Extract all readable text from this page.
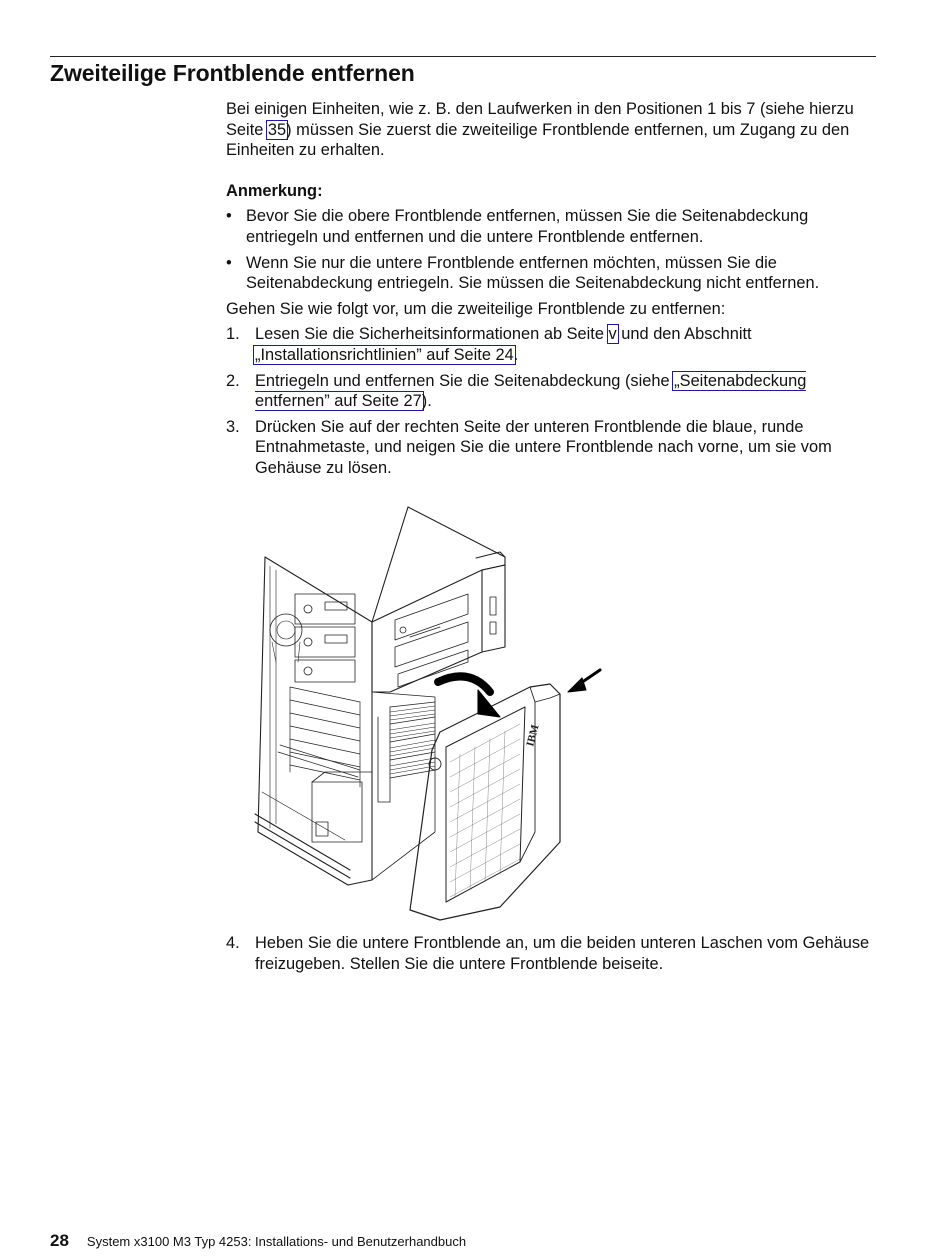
Zweiteilige Frontblende entfernen

Bei einigen Einheiten, wie z. B. den Laufwerken in den Positionen 1 bis 7 (siehe hierzu Seite 35) müssen Sie zuerst die zweiteilige Frontblende entfernen, um Zugang zu den Einheiten zu erhalten.

Anmerkung:

• Bevor Sie die obere Frontblende entfernen, müssen Sie die Seitenabdeckung entriegeln und entfernen und die untere Frontblende entfernen.
• Wenn Sie nur die untere Frontblende entfernen möchten, müssen Sie die Seitenabdeckung entriegeln. Sie müssen die Seitenabdeckung nicht entfernen.

Gehen Sie wie folgt vor, um die zweiteilige Frontblende zu entfernen:

1. Lesen Sie die Sicherheitsinformationen ab Seite v und den Abschnitt „Installationsrichtlinien” auf Seite 24.
2. Entriegeln und entfernen Sie die Seitenabdeckung (siehe „Seitenabdeckung entfernen” auf Seite 27).
3. Drücken Sie auf der rechten Seite der unteren Frontblende die blaue, runde Entnahmetaste, und neigen Sie die untere Frontblende nach vorne, um sie vom Gehäuse zu lösen.
IBM
4. Heben Sie die untere Frontblende an, um die beiden unteren Laschen vom Gehäuse freizugeben. Stellen Sie die untere Frontblende beiseite.
28 System x3100 M3 Typ 4253: Installations- und Benutzerhandbuch
